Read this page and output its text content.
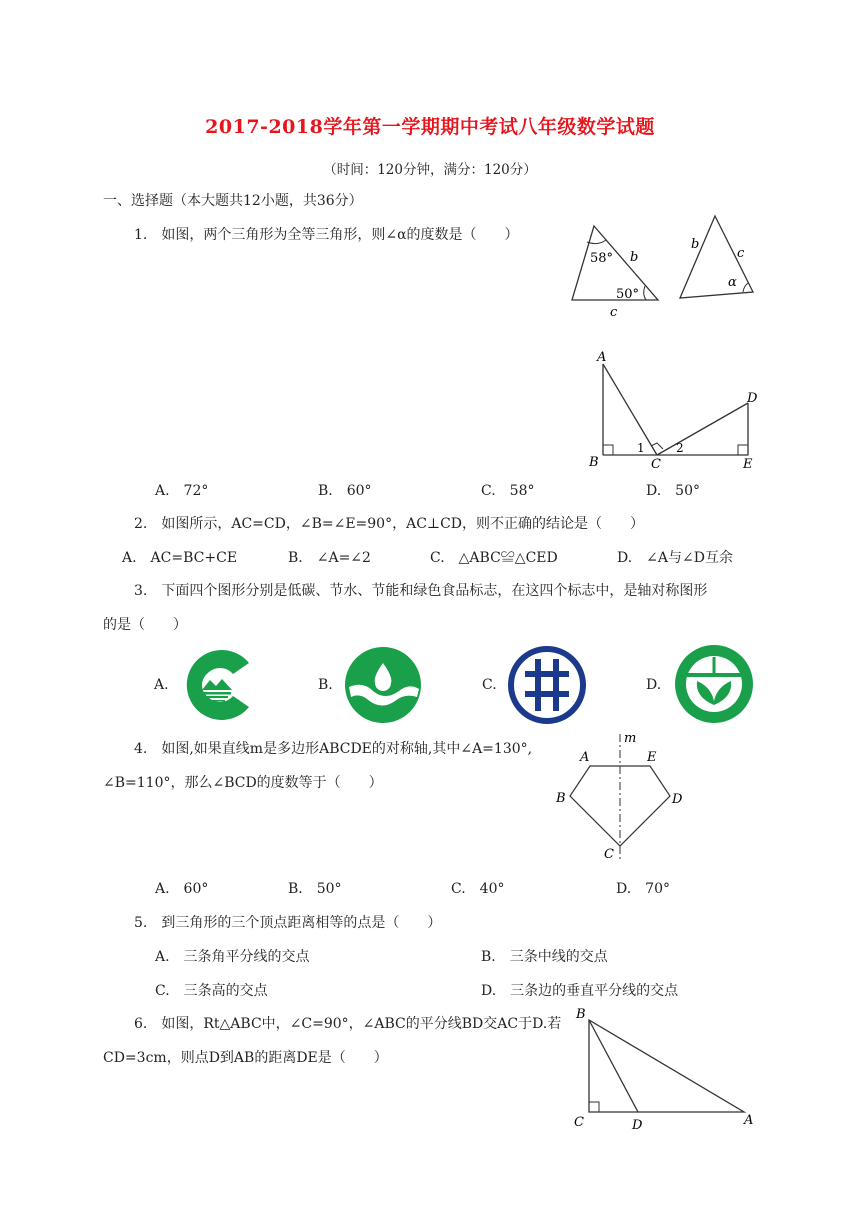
2017-2018学年第一学期期中考试八年级数学试题
（时间：120分钟，满分：120分）
一、选择题（本大题共12小题，共36分）
1.　如图，两个三角形为全等三角形，则∠α的度数是（　　）
58°
50°
b
c
b
c
α
A
B	C
D
E
1	2
A.　72°	B.　60°	C.　58°	D.　50°
2.　如图所示，AC=CD，∠B=∠E=90°，AC⊥CD，则不正确的结论是（　　）
A.　AC=BC+CE	B.　∠A=∠2	C.　△ABC≌△CED	D.　∠A与∠D互余
3.　下面四个图形分别是低碳、节水、节能和绿色食品标志，在这四个标志中，是轴对称图形
的是（　　）
A.	B.	C.	D.
4.　如图,如果直线m是多边形ABCDE的对称轴,其中∠A=130°,
∠B=110°，那么∠BCD的度数等于（　　）
m
A	E
B	D
C
A.　60°	B.　50°	C.　40°	D.　70°
5.　到三角形的三个顶点距离相等的点是（　　）
A.　三条角平分线的交点	B.　三条中线的交点
C.　三条高的交点	D.　三条边的垂直平分线的交点
6.　如图，Rt△ABC中，∠C=90°，∠ABC的平分线BD交AC于D.若
CD=3cm，则点D到AB的距离DE是（　　）
B
C	D	A
